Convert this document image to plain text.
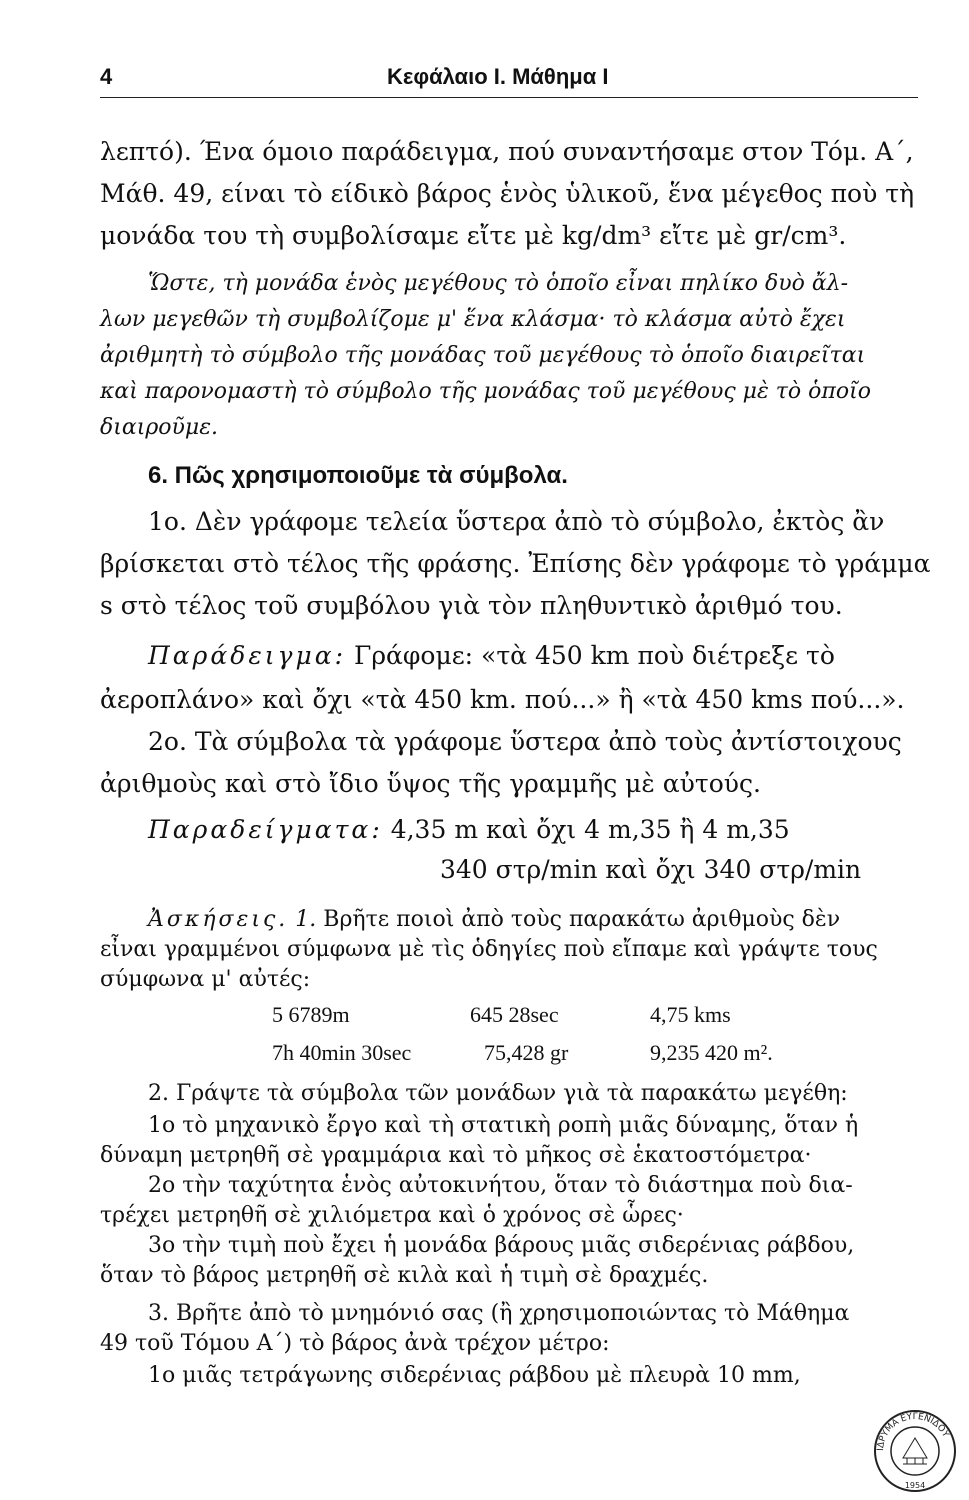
4	Κεφάλαιο Ι. Μάθημα Ι
λεπτό). Ένα όμοιο παράδειγμα, πού συναντήσαμε στον Τόμ. Α΄,
Μάθ. 49, είναι τὸ είδικὸ βάρος ἑνὸς ὑλικοῦ, ἕνα μέγεθος ποὺ τὴ
μονάδα του τὴ συμβολίσαμε εἴτε μὲ kg/dm³ εἴτε μὲ gr/cm³.
Ὥστε, τὴ μονάδα ἑνὸς μεγέθους τὸ ὁποῖο εἶναι πηλίκο δυὸ ἄλ-
λων μεγεθῶν τὴ συμβολίζομε μ' ἕνα κλάσμα· τὸ κλάσμα αὐτὸ ἔχει
ἀριθμητὴ τὸ σύμβολο τῆς μονάδας τοῦ μεγέθους τὸ ὁποῖο διαιρεῖται
καὶ παρονομαστὴ τὸ σύμβολο τῆς μονάδας τοῦ μεγέθους μὲ τὸ ὁποῖο
διαιροῦμε.
6. Πῶς χρησιμοποιοῦμε τὰ σύμβολα.
1ο. Δὲν γράφομε τελεία ὕστερα ἀπὸ τὸ σύμβολο, ἐκτὸς ἂν
βρίσκεται στὸ τέλος τῆς φράσης. Ἐπίσης δὲν γράφομε τὸ γράμμα
s στὸ τέλος τοῦ συμβόλου γιὰ τὸν πληθυντικὸ ἀριθμό του.
Παράδειγμα: Γράφομε: «τὰ 450 km ποὺ διέτρεξε τὸ
ἀεροπλάνο» καὶ ὄχι «τὰ 450 km. πού...» ἢ «τὰ 450 kms πού...».
2ο. Τὰ σύμβολα τὰ γράφομε ὕστερα ἀπὸ τοὺς ἀντίστοιχους
ἀριθμοὺς καὶ στὸ ἴδιο ὕψος τῆς γραμμῆς μὲ αὐτούς.
Παραδείγματα: 4,35 m καὶ ὄχι 4 m,35 ἢ 4 m,35
340 στρ/min καὶ ὄχι 340 στρ/min
Ἀσκήσεις. 1. Βρῆτε ποιοὶ ἀπὸ τοὺς παρακάτω ἀριθμοὺς δὲν
εἶναι γραμμένοι σύμφωνα μὲ τὶς ὁδηγίες ποὺ εἴπαμε καὶ γράψτε τους
σύμφωνα μ' αὐτές:
5 6789m	645 28sec	4,75 kms
7h 40min 30sec	75,428 gr	9,235 420 m².
2. Γράψτε τὰ σύμβολα τῶν μονάδων γιὰ τὰ παρακάτω μεγέθη:
1ο τὸ μηχανικὸ ἔργο καὶ τὴ στατικὴ ροπὴ μιᾶς δύναμης, ὅταν ἡ
δύναμη μετρηθῆ σὲ γραμμάρια καὶ τὸ μῆκος σὲ ἑκατοστόμετρα·
2ο τὴν ταχύτητα ἑνὸς αὐτοκινήτου, ὅταν τὸ διάστημα ποὺ δια-
τρέχει μετρηθῆ σὲ χιλιόμετρα καὶ ὁ χρόνος σὲ ὧρες·
3ο τὴν τιμὴ ποὺ ἔχει ἡ μονάδα βάρους μιᾶς σιδερένιας ράβδου,
ὅταν τὸ βάρος μετρηθῆ σὲ κιλὰ καὶ ἡ τιμὴ σὲ δραχμές.
3. Βρῆτε ἀπὸ τὸ μνημόνιό σας (ἢ χρησιμοποιώντας τὸ Μάθημα
49 τοῦ Τόμου Α΄) τὸ βάρος ἀνὰ τρέχον μέτρο:
1ο μιᾶς τετράγωνης σιδερένιας ράβδου μὲ πλευρὰ 10 mm,
ΙΔΡΥΜΑ ΕΥΓΕΝΙΔΟΥ
1954
